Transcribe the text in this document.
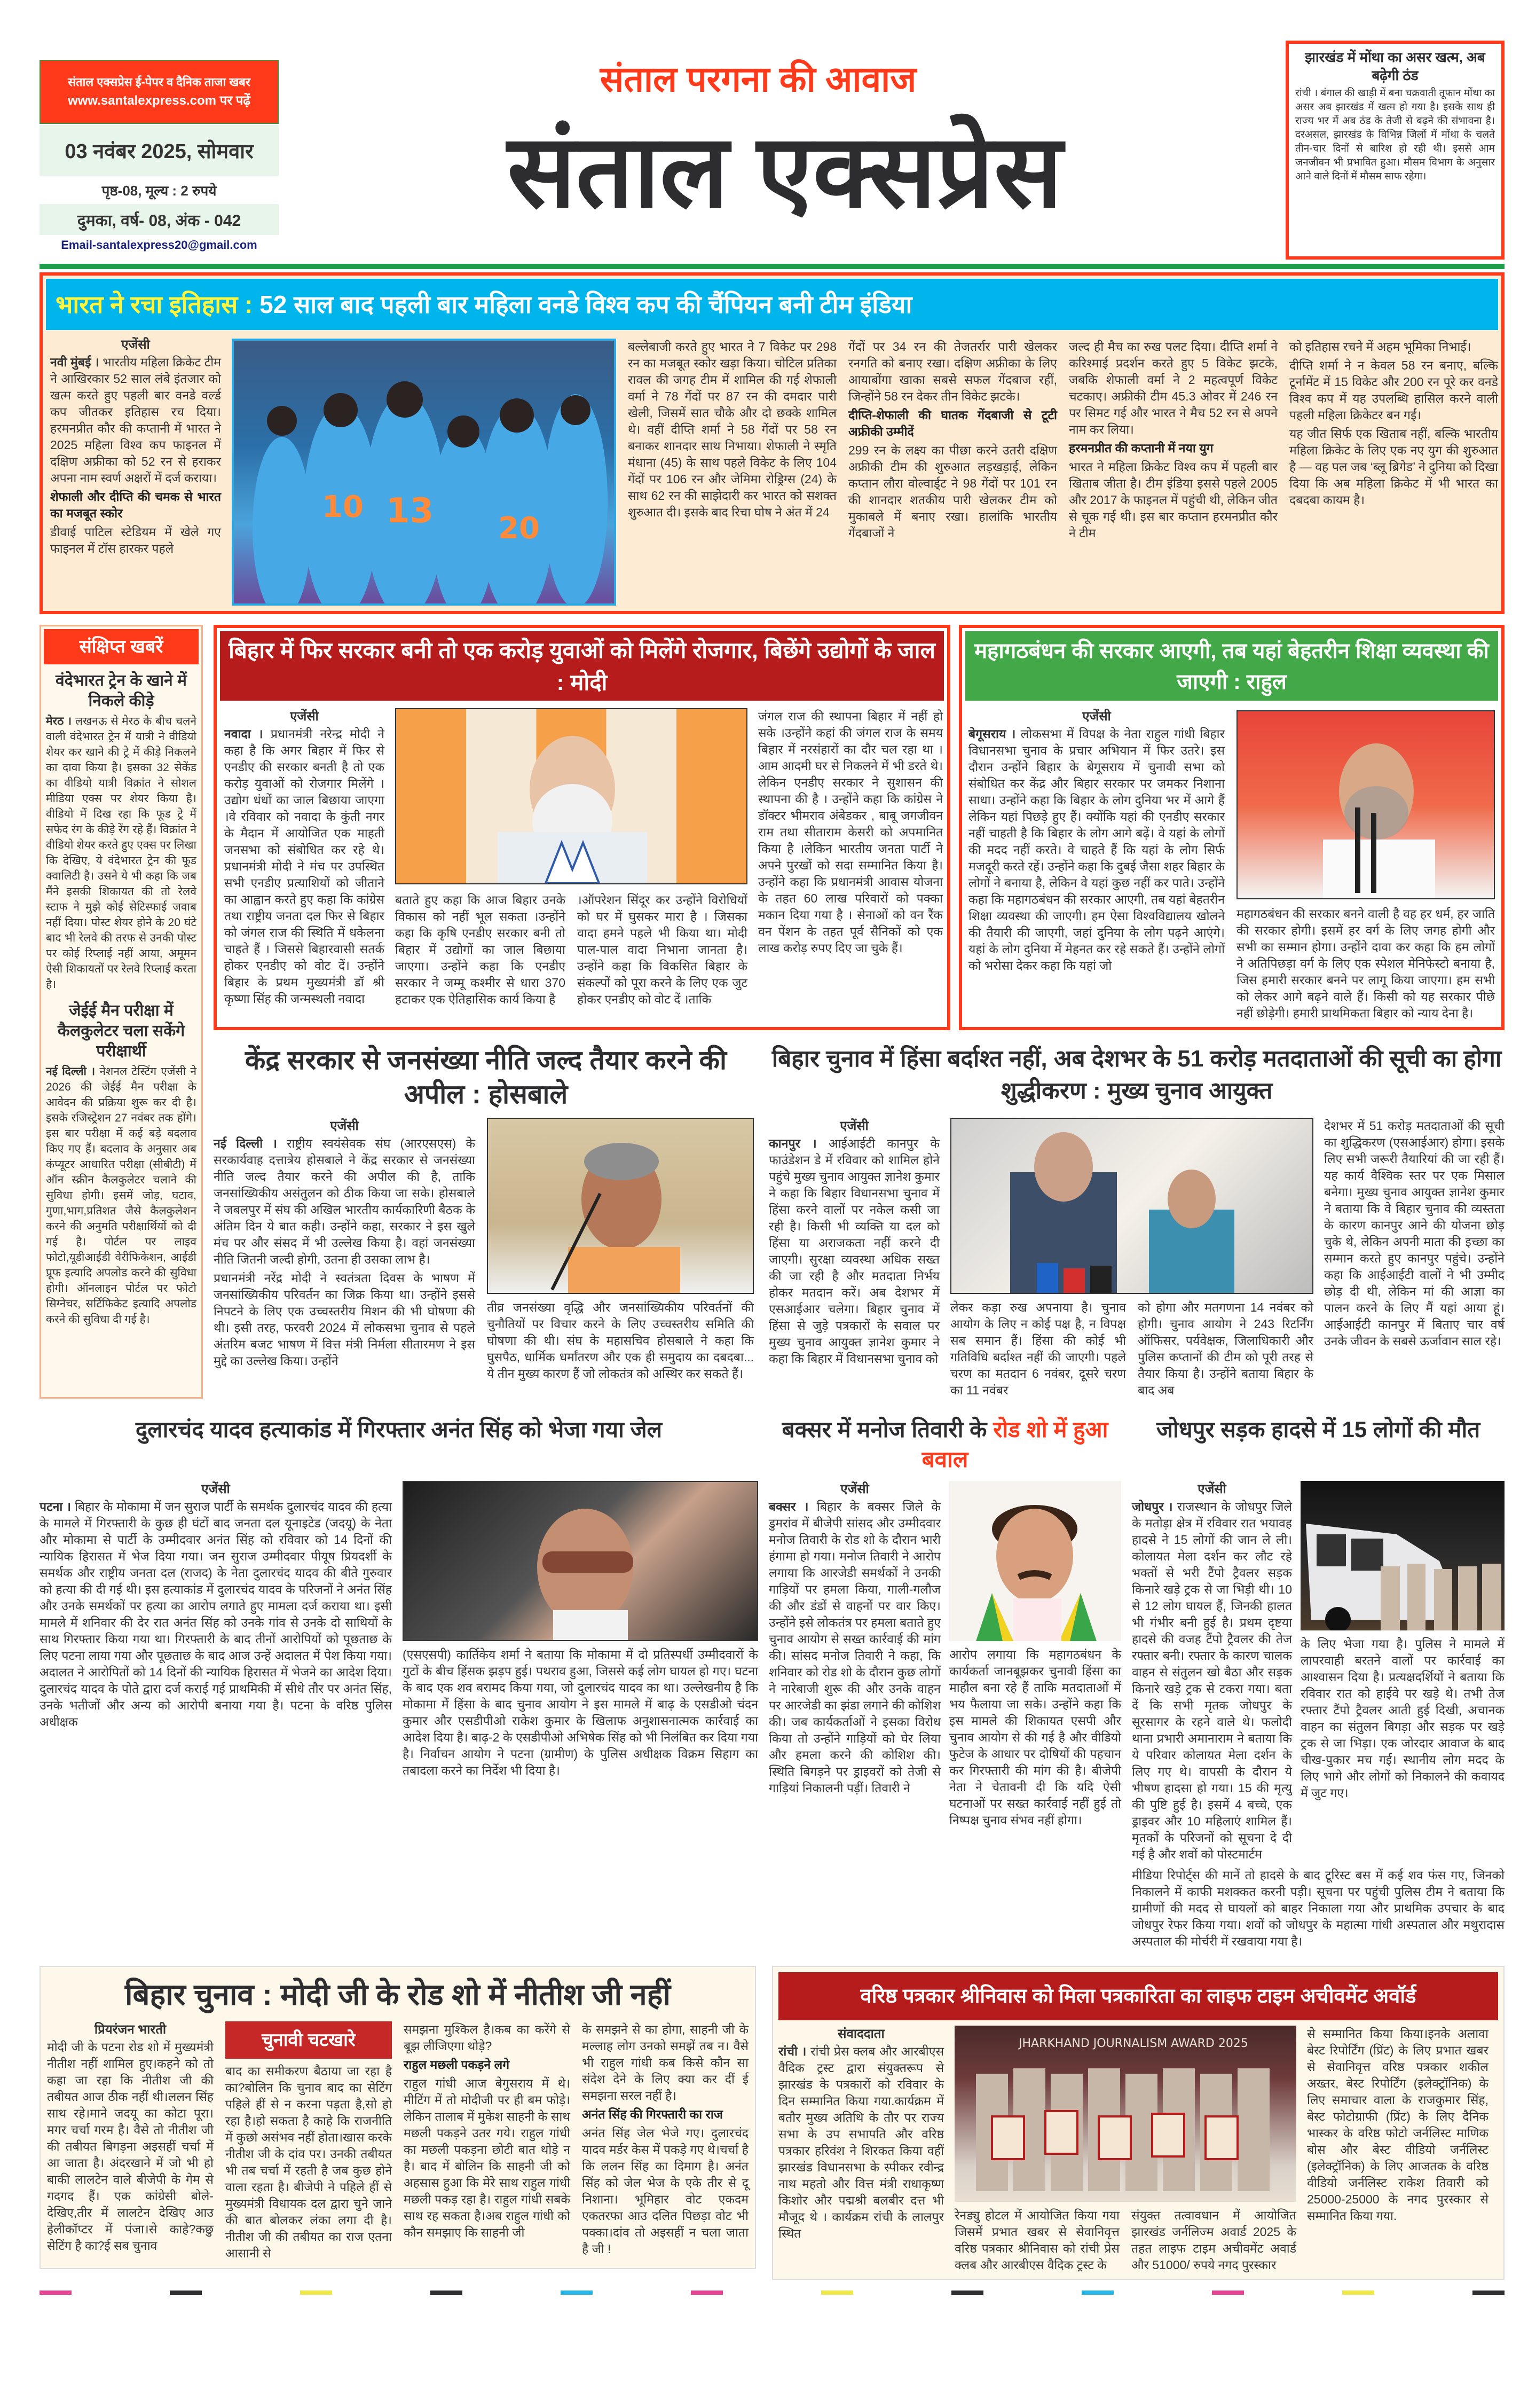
संताल एक्सप्रेस ई-पेपर व दैनिक ताजा खबर
www.santalexpress.com पर पढ़ें
03 नवंबर 2025, सोमवार
पृष्ठ-08, मूल्य : 2 रुपये
दुमका, वर्ष- 08, अंक - 042
Email-santalexpress20@gmail.com
संताल परगना की आवाज
संताल एक्सप्रेस
झारखंड में मोंथा का असर खत्म, अब बढ़ेगी ठंड
रांची । बंगाल की खाड़ी में बना चक्रवाती तूफान मोंथा का असर अब झारखंड में खत्म हो गया है। इसके साथ ही राज्य भर में अब ठंड के तेजी से बढ़ने की संभावना है। दरअसल, झारखंड के विभिन्न जिलों में मोंथा के चलते तीन-चार दिनों से बारिश हो रही थी। इससे आम जनजीवन भी प्रभावित हुआ। मौसम विभाग के अनुसार आने वाले दिनों में मौसम साफ रहेगा।
भारत ने रचा इतिहास : 52 साल बाद पहली बार महिला वनडे विश्व कप की चैंपियन बनी टीम इंडिया
एजेंसी

नवी मुंबई । भारतीय महिला क्रिकेट टीम ने आखिरकार 52 साल लंबे इंतजार को खत्म करते हुए पहली बार वनडे वर्ल्ड कप जीतकर इतिहास रच दिया। हरमनप्रीत कौर की कप्तानी में भारत ने 2025 महिला विश्व कप फाइनल में दक्षिण अफ्रीका को 52 रन से हराकर अपना नाम स्वर्ण अक्षरों में दर्ज कराया।

शेफाली और दीप्ति की चमक से भारत का मजबूत स्कोर

डीवाई पाटिल स्टेडियम में खेले गए फाइनल में टॉस हारकर पहले

10 13 20
बल्लेबाजी करते हुए भारत ने 7 विकेट पर 298 रन का मजबूत स्कोर खड़ा किया। चोटिल प्रतिका रावल की जगह टीम में शामिल की गई शेफाली वर्मा ने 78 गेंदों पर 87 रन की दमदार पारी खेली, जिसमें सात चौके और दो छक्के शामिल थे। वहीं दीप्ति शर्मा ने 58 गेंदों पर 58 रन बनाकर शानदार साथ निभाया। शेफाली ने स्मृति मंधाना (45) के साथ पहले विकेट के लिए 104 गेंदों पर 106 रन और जेमिमा रोड्रिग्स (24) के साथ 62 रन की साझेदारी कर भारत को सशक्त शुरुआत दी। इसके बाद रिचा घोष ने अंत में 24

गेंदों पर 34 रन की तेजतर्रार पारी खेलकर रनगति को बनाए रखा। दक्षिण अफ्रीका के लिए आयाबोंगा खाका सबसे सफल गेंदबाज रहीं, जिन्होंने 58 रन देकर तीन विकेट झटके।

दीप्ति-शेफाली की घातक गेंदबाजी से टूटी अफ्रीकी उम्मीदें

299 रन के लक्ष्य का पीछा करने उतरी दक्षिण अफ्रीकी टीम की शुरुआत लड़खड़ाई, लेकिन कप्तान लौरा वोल्वार्ड्ट ने 98 गेंदों पर 101 रन की शानदार शतकीय पारी खेलकर टीम को मुकाबले में बनाए रखा। हालांकि भारतीय गेंदबाजों ने

जल्द ही मैच का रुख पलट दिया। दीप्ति शर्मा ने करिश्माई प्रदर्शन करते हुए 5 विकेट झटके, जबकि शेफाली वर्मा ने 2 महत्वपूर्ण विकेट चटकाए। अफ्रीकी टीम 45.3 ओवर में 246 रन पर सिमट गई और भारत ने मैच 52 रन से अपने नाम कर लिया।

हरमनप्रीत की कप्तानी में नया युग

भारत ने महिला क्रिकेट विश्व कप में पहली बार खिताब जीता है। टीम इंडिया इससे पहले 2005 और 2017 के फाइनल में पहुंची थी, लेकिन जीत से चूक गई थी। इस बार कप्तान हरमनप्रीत कौर ने टीम

को इतिहास रचने में अहम भूमिका निभाई।

दीप्ति शर्मा ने न केवल 58 रन बनाए, बल्कि टूर्नामेंट में 15 विकेट और 200 रन पूरे कर वनडे विश्व कप में यह उपलब्धि हासिल करने वाली पहली महिला क्रिकेटर बन गईं।

यह जीत सिर्फ एक खिताब नहीं, बल्कि भारतीय महिला क्रिकेट के लिए एक नए युग की शुरुआत है — वह पल जब ‘ब्लू ब्रिगेड’ ने दुनिया को दिखा दिया कि अब महिला क्रिकेट में भी भारत का दबदबा कायम है।

संक्षिप्त खबरें
वंदेभारत ट्रेन के खाने में निकले कीड़े
मेरठ । लखनऊ से मेरठ के बीच चलने वाली वंदेभारत ट्रेन में यात्री ने वीडियो शेयर कर खाने की ट्रे में कीड़े निकलने का दावा किया है। इसका 32 सेकेंड का वीडियो यात्री विक्रांत ने सोशल मीडिया एक्स पर शेयर किया है। वीडियो में दिख रहा कि फूड ट्रे में सफेद रंग के कीड़े रेंग रहे हैं। विक्रांत ने वीडियो शेयर करते हुए एक्स पर लिखा कि देखिए, ये वंदेभारत ट्रेन की फूड क्वालिटी है। उसने ये भी कहा कि जब मैंने इसकी शिकायत की तो रेलवे स्टाफ ने मुझे कोई सेटिस्फाई जवाब नहीं दिया। पोस्ट शेयर होने के 20 घंटे बाद भी रेलवे की तरफ से उनकी पोस्ट पर कोई रिप्लाई नहीं आया, अमूमन ऐसी शिकायतों पर रेलवे रिप्लाई करता है।
जेईई मैन परीक्षा में कैलकुलेटर चला सकेंगे परीक्षार्थी
नई दिल्ली । नेशनल टेस्टिंग एजेंसी ने 2026 की जेईई मैन परीक्षा के आवेदन की प्रक्रिया शुरू कर दी है। इसके रजिस्ट्रेशन 27 नवंबर तक होंगे। इस बार परीक्षा में कई बड़े बदलाव किए गए हैं। बदलाव के अनुसार अब कंप्यूटर आधारित परीक्षा (सीबीटी) में ऑन स्क्रीन कैलकुलेटर चलाने की सुविधा होगी। इसमें जोड़, घटाव, गुणा,भाग,प्रतिशत जैसे कैलकुलेशन करने की अनुमति परीक्षार्थियों को दी गई है। पोर्टल पर लाइव फोटो,यूडीआईडी वेरीफिकेशन, आईडी प्रूफ इत्यादि अपलोड करने की सुविधा होगी। ऑनलाइन पोर्टल पर फोटो सिग्नेचर, सर्टिफिकेट इत्यादि अपलोड करने की सुविधा दी गई है।
बिहार में फिर सरकार बनी तो एक करोड़ युवाओं को मिलेंगे रोजगार, बिछेंगे उद्योगों के जाल : मोदी
एजेंसी
नवादा । प्रधानमंत्री नरेन्द्र मोदी ने कहा है कि अगर बिहार में फिर से एनडीए की सरकार बनती है तो एक करोड़ युवाओं को रोजगार मिलेंगे ।उद्योग धंधों का जाल बिछाया जाएगा ।वे रविवार को नवादा के कुंती नगर के मैदान में आयोजित एक माहती जनसभा को संबोधित कर रहे थे। प्रधानमंत्री मोदी ने मंच पर उपस्थित सभी एनडीए प्रत्याशियों को जीताने का आह्वान करते हुए कहा कि कांग्रेस तथा राष्ट्रीय जनता दल फिर से बिहार को जंगल राज की स्थिति में धकेलना चाहते हैं । जिससे बिहारवासी सतर्क होकर एनडीए को वोट दें। उन्होंने बिहार के प्रथम मुख्यमंत्री डॉ श्री कृष्णा सिंह की जन्मस्थली नवादा
बताते हुए कहा कि आज बिहार उनके विकास को नहीं भूल सकता ।उन्होंने कहा कि कृषि एनडीए सरकार बनी तो बिहार में उद्योगों का जाल बिछाया जाएगा। उन्होंने कहा कि एनडीए सरकार ने जम्मू कश्मीर से धारा 370 हटाकर एक ऐतिहासिक कार्य किया है
।ऑपरेशन सिंदूर कर उन्होंने विरोधियों को घर में घुसकर मारा है । जिसका वादा हमने पहले भी किया था। मोदी पाल-पाल वादा निभाना जानता है। उन्होंने कहा कि विकसित बिहार के संकल्पों को पूरा करने के लिए एक जुट होकर एनडीए को वोट दें ।ताकि
जंगल राज की स्थापना बिहार में नहीं हो सके ।उन्होंने कहां की जंगल राज के समय बिहार में नरसंहारों का दौर चल रहा था ।आम आदमी घर से निकलने में भी डरते थे। लेकिन एनडीए सरकार ने सुशासन की स्थापना की है । उन्होंने कहा कि कांग्रेस ने डॉक्टर भीमराव अंबेडकर , बाबू जगजीवन राम तथा सीताराम केसरी को अपमानित किया है ।लेकिन भारतीय जनता पार्टी ने अपने पुरखों को सदा सम्मानित किया है।उन्होंने कहा कि प्रधानमंत्री आवास योजना के तहत 60 लाख परिवारों को पक्का मकान दिया गया है । सेनाओं को वन रैंक वन पेंशन के तहत पूर्व सैनिकों को एक लाख करोड़ रुपए दिए जा चुके हैं।
महागठबंधन की सरकार आएगी, तब यहां बेहतरीन शिक्षा व्यवस्था की जाएगी : राहुल
एजेंसी
बेगूसराय । लोकसभा में विपक्ष के नेता राहुल गांधी बिहार विधानसभा चुनाव के प्रचार अभियान में फिर उतरे। इस दौरान उन्होंने बिहार के बेगूसराय में चुनावी सभा को संबोधित कर केंद्र और बिहार सरकार पर जमकर निशाना साधा। उन्होंने कहा कि बिहार के लोग दुनिया भर में आगे हैं लेकिन यहां पिछड़े हुए हैं। क्योंकि यहां की एनडीए सरकार नहीं चाहती है कि बिहार के लोग आगे बढ़ें। वे यहां के लोगों की मदद नहीं करते। वे चाहते हैं कि यहां के लोग सिर्फ मजदूरी करते रहें। उन्होंने कहा कि दुबई जैसा शहर बिहार के लोगों ने बनाया है, लेकिन वे यहां कुछ नहीं कर पाते। उन्होंने कहा कि महागठबंधन की सरकार आएगी, तब यहां बेहतरीन शिक्षा व्यवस्था की जाएगी। हम ऐसा विश्वविद्यालय खोलने की तैयारी की जाएगी, जहां दुनिया के लोग पढ़ने आएंगे। यहां के लोग दुनिया में मेहनत कर रहे सकते हैं। उन्होंने लोगों को भरोसा देकर कहा कि यहां जो
महागठबंधन की सरकार बनने वाली है वह हर धर्म, हर जाति की सरकार होगी। इसमें हर वर्ग के लिए जगह होगी और सभी का सम्मान होगा। उन्होंने दावा कर कहा कि हम लोगों ने अतिपिछड़ा वर्ग के लिए एक स्पेशल मेनिफेस्टो बनाया है, जिस हमारी सरकार बनने पर लागू किया जाएगा। हम सभी को लेकर आगे बढ़ने वाले हैं। किसी को यह सरकार पीछे नहीं छोड़ेगी। हमारी प्राथमिकता बिहार को न्याय देना है।
केंद्र सरकार से जनसंख्या नीति जल्द तैयार करने की अपील : होसबाले
एजेंसी

नई दिल्ली । राष्ट्रीय स्वयंसेवक संघ (आरएसएस) के सरकार्यवाह दत्तात्रेय होसबाले ने केंद्र सरकार से जनसंख्या नीति जल्द तैयार करने की अपील की है, ताकि जनसांख्यिकीय असंतुलन को ठीक किया जा सके। होसबाले ने जबलपुर में संघ की अखिल भारतीय कार्यकारिणी बैठक के अंतिम दिन ये बात कही। उन्होंने कहा, सरकार ने इस खुले मंच पर और संसद में भी उल्लेख किया है। वहां जनसंख्या नीति जितनी जल्दी होगी, उतना ही उसका लाभ है।

प्रधानमंत्री नरेंद्र मोदी ने स्वतंत्रता दिवस के भाषण में जनसांख्यिकीय परिवर्तन का जिक्र किया था। उन्होंने इससे निपटने के लिए एक उच्चस्तरीय मिशन की भी घोषणा की थी। इसी तरह, फरवरी 2024 में लोकसभा चुनाव से पहले अंतरिम बजट भाषण में वित्त मंत्री निर्मला सीतारमण ने इस मुद्दे का उल्लेख किया। उन्होंने

तीव्र जनसंख्या वृद्धि और जनसांख्यिकीय परिवर्तनों की चुनौतियों पर विचार करने के लिए उच्चस्तरीय समिति की घोषणा की थी। संघ के महासचिव होसबाले ने कहा कि घुसपैठ, धार्मिक धर्मांतरण और एक ही समुदाय का दबदबा... ये तीन मुख्य कारण हैं जो लोकतंत्र को अस्थिर कर सकते हैं।
बिहार चुनाव में हिंसा बर्दाश्त नहीं, अब देशभर के 51 करोड़ मतदाताओं की सूची का होगा शुद्धीकरण : मुख्य चुनाव आयुक्त
एजेंसी
कानपुर । आईआईटी कानपुर के फाउंडेशन डे में रविवार को शामिल होने पहुंचे मुख्य चुनाव आयुक्त ज्ञानेश कुमार ने कहा कि बिहार विधानसभा चुनाव में हिंसा करने वालों पर नकेल कसी जा रही है। किसी भी व्यक्ति या दल को हिंसा या अराजकता नहीं करने दी जाएगी। सुरक्षा व्यवस्था अधिक सख्त की जा रही है और मतदाता निर्भय होकर मतदान करें। अब देशभर में एसआईआर चलेगा। बिहार चुनाव में हिंसा से जुड़े पत्रकारों के सवाल पर मुख्य चुनाव आयुक्त ज्ञानेश कुमार ने कहा कि बिहार में विधानसभा चुनाव को
लेकर कड़ा रुख अपनाया है। चुनाव आयोग के लिए न कोई पक्ष है, न विपक्ष सब समान हैं। हिंसा की कोई भी गतिविधि बर्दाश्त नहीं की जाएगी। पहले चरण का मतदान 6 नवंबर, दूसरे चरण का 11 नवंबर
को होगा और मतगणना 14 नवंबर को होगी। चुनाव आयोग ने 243 रिटर्निंग ऑफिसर, पर्यवेक्षक, जिलाधिकारी और पुलिस कप्तानों की टीम को पूरी तरह से तैयार किया है। उन्होंने बताया बिहार के बाद अब
देशभर में 51 करोड़ मतदाताओं की सूची का शुद्धिकरण (एसआईआर) होगा। इसके लिए सभी जरूरी तैयारियां की जा रही हैं। यह कार्य वैश्विक स्तर पर एक मिसाल बनेगा। मुख्य चुनाव आयुक्त ज्ञानेश कुमार ने बताया कि वे बिहार चुनाव की व्यस्तता के कारण कानपुर आने की योजना छोड़ चुके थे, लेकिन अपनी माता की इच्छा का सम्मान करते हुए कानपुर पहुंचे। उन्होंने कहा कि आईआईटी वालों ने भी उम्मीद छोड़ दी थी, लेकिन मां की आज्ञा का पालन करने के लिए मैं यहां आया हूं। आईआईटी कानपुर में बिताए चार वर्ष उनके जीवन के सबसे ऊर्जावान साल रहे।
दुलारचंद यादव हत्याकांड में गिरफ्तार अनंत सिंह को भेजा गया जेल	बक्सर में मनोज तिवारी के रोड शो में हुआ बवाल
जोधपुर सड़क हादसे में 15 लोगों की मौत
एजेंसी
पटना । बिहार के मोकामा में जन सुराज पार्टी के समर्थक दुलारचंद यादव की हत्या के मामले में गिरफ्तारी के कुछ ही घंटों बाद जनता दल यूनाइटेड (जदयू) के नेता और मोकामा से पार्टी के उम्मीदवार अनंत सिंह को रविवार को 14 दिनों की न्यायिक हिरासत में भेज दिया गया। जन सुराज उम्मीदवार पीयूष प्रियदर्शी के समर्थक और राष्ट्रीय जनता दल (राजद) के नेता दुलारचंद यादव की बीते गुरुवार को हत्या की दी गई थी। इस हत्याकांड में दुलारचंद यादव के परिजनों ने अनंत सिंह और उनके समर्थकों पर हत्या का आरोप लगाते हुए मामला दर्ज कराया था। इसी मामले में शनिवार की देर रात अनंत सिंह को उनके गांव से उनके दो साथियों के साथ गिरफ्तार किया गया था। गिरफ्तारी के बाद तीनों आरोपियों को पूछताछ के लिए पटना लाया गया और पूछताछ के बाद आज उन्हें अदालत में पेश किया गया। अदालत ने आरोपितों को 14 दिनों की न्यायिक हिरासत में भेजने का आदेश दिया। दुलारचंद यादव के पोते द्वारा दर्ज कराई गई प्राथमिकी में सीधे तौर पर अनंत सिंह, उनके भतीजों और अन्य को आरोपी बनाया गया है। पटना के वरिष्ठ पुलिस अधीक्षक
(एसएसपी) कार्तिकेय शर्मा ने बताया कि मोकामा में दो प्रतिस्पर्धी उम्मीदवारों के गुटों के बीच हिंसक झड़प हुई। पथराव हुआ, जिससे कई लोग घायल हो गए। घटना के बाद एक शव बरामद किया गया, जो दुलारचंद यादव का था। उल्लेखनीय है कि मोकामा में हिंसा के बाद चुनाव आयोग ने इस मामले में बाढ़ के एसडीओ चंदन कुमार और एसडीपीओ राकेश कुमार के खिलाफ अनुशासनात्मक कार्रवाई का आदेश दिया है। बाढ़-2 के एसडीपीओ अभिषेक सिंह को भी निलंबित कर दिया गया है। निर्वाचन आयोग ने पटना (ग्रामीण) के पुलिस अधीक्षक विक्रम सिहाग का तबादला करने का निर्देश भी दिया है।
एजेंसी
बक्सर । बिहार के बक्सर जिले के डुमरांव में बीजेपी सांसद और उम्मीदवार मनोज तिवारी के रोड शो के दौरान भारी हंगामा हो गया। मनोज तिवारी ने आरोप लगाया कि आरजेडी समर्थकों ने उनकी गाड़ियों पर हमला किया, गाली-गलौज की और डंडों से वाहनों पर वार किए। उन्होंने इसे लोकतंत्र पर हमला बताते हुए चुनाव आयोग से सख्त कार्रवाई की मांग की। सांसद मनोज तिवारी ने कहा, कि शनिवार को रोड शो के दौरान कुछ लोगों ने नारेबाजी शुरू की और उनके वाहन पर आरजेडी का झंडा लगाने की कोशिश की। जब कार्यकर्ताओं ने इसका विरोध किया तो उन्होंने गाड़ियों को घेर लिया और हमला करने की कोशिश की। स्थिति बिगड़ने पर ड्राइवरों को तेजी से गाड़ियां निकालनी पड़ीं। तिवारी ने
आरोप लगाया कि महागठबंधन के कार्यकर्ता जानबूझकर चुनावी हिंसा का माहौल बना रहे हैं ताकि मतदाताओं में भय फैलाया जा सके। उन्होंने कहा कि इस मामले की शिकायत एसपी और चुनाव आयोग से की गई है और वीडियो फुटेज के आधार पर दोषियों की पहचान कर गिरफ्तारी की मांग की है। बीजेपी नेता ने चेतावनी दी कि यदि ऐसी घटनाओं पर सख्त कार्रवाई नहीं हुई तो निष्पक्ष चुनाव संभव नहीं होगा।
एजेंसी
जोधपुर । राजस्थान के जोधपुर जिले के मतोड़ा क्षेत्र में रविवार रात भयावह हादसे ने 15 लोगों की जान ले ली। कोलायत मेला दर्शन कर लौट रहे भक्तों से भरी टैंपो ट्रैवलर सड़क किनारे खड़े ट्रक से जा भिड़ी थी। 10 से 12 लोग घायल हैं, जिनकी हालत भी गंभीर बनी हुई है। प्रथम दृष्टया हादसे की वजह टैंपो ट्रैवलर की तेज रफ्तार बनी। रफ्तार के कारण चालक वाहन से संतुलन खो बैठा और सड़क किनारे खड़े ट्रक से टकरा गया। बता दें कि सभी मृतक जोधपुर के सूरसागर के रहने वाले थे। फलोदी थाना प्रभारी अमानाराम ने बताया कि ये परिवार कोलायत मेला दर्शन के लिए गए थे। वापसी के दौरान ये भीषण हादसा हो गया। 15 की मृत्यु की पुष्टि हुई है। इसमें 4 बच्चे, एक ड्राइवर और 10 महिलाएं शामिल हैं। मृतकों के परिजनों को सूचना दे दी गई है और शवों को पोस्टमार्टम
के लिए भेजा गया है। पुलिस ने मामले में लापरवाही बरतने वालों पर कार्रवाई का आश्वासन दिया है। प्रत्यक्षदर्शियों ने बताया कि रविवार रात को हाईवे पर खड़े थे। तभी तेज रफ्तार टैंपो ट्रैवलर आती हुई दिखी, अचानक वाहन का संतुलन बिगड़ा और सड़क पर खड़े ट्रक से जा भिड़ा। एक जोरदार आवाज के बाद चीख-पुकार मच गई। स्थानीय लोग मदद के लिए भागे और लोगों को निकालने की कवायद में जुट गए।
मीडिया रिपोर्ट्स की मानें तो हादसे के बाद टूरिस्ट बस में कई शव फंस गए, जिनको निकालने में काफी मशक्कत करनी पड़ी। सूचना पर पहुंची पुलिस टीम ने बताया कि ग्रामीणों की मदद से घायलों को बाहर निकाला गया और प्राथमिक उपचार के बाद जोधपुर रेफर किया गया। शवों को जोधपुर के महात्मा गांधी अस्पताल और मथुरादास अस्पताल की मोर्चरी में रखवाया गया है।
बिहार चुनाव : मोदी जी के रोड शो में नीतीश जी नहीं
प्रियरंजन भारती
मोदी जी के पटना रोड शो में मुख्यमंत्री नीतीश नहीं शामिल हुए।कहने को तो कहा जा रहा कि नीतीश जी की तबीयत आज ठीक नहीं थी।ललन सिंह साथ रहे।माने जदयू का कोटा पूरा। मगर चर्चा गरम है। वैसे तो नीतीश जी की तबीयत बिगड़ना अइसहीं चर्चा में आ जाता है। अंदरखाने में जो भी हो बाकी लालटेन वाले बीजेपी के गेम से गदगद हैं। एक कांग्रेसी बोले-देखिए,तीर में लालटेन देखिए आउ हेलीकॉप्टर में पंजा।से काहे?कछु सेटिंग है का?ई सब चुनाव
चुनावी चटखारे
बाद का समीकरण बैठाया जा रहा है का?बोलिन कि चुनाव बाद का सेटिंग पहिले हीं से न करना पड़ता है,सो हो रहा है।हो सकता है काहे कि राजनीति में कुछो असंभव नहीं होता।खास करके नीतीश जी के दांव पर। उनकी तबीयत भी तब चर्चा में रहती है जब कुछ होने वाला रहता है। बीजेपी ने पहिले हीं से मुख्यमंत्री विधायक दल द्वारा चुने जाने की बात बोलकर लंका लगा दी है। नीतीश जी की तबीयत का राज एतना आसानी से

समझना मुश्किल है।कब का करेंगे से बूझ लीजिएगा थोड़े?

राहुल मछली पकड़ने लगे

राहुल गांधी आज बेगुसराय में थे। मीटिंग में तो मोदीजी पर ही बम फोड़े। लेकिन तालाब में मुकेश साहनी के साथ मछली पकड़ने उतर गये। राहुल गांधी का मछली पकड़ना छोटी बात थोड़े न है। बाद में बोलिन कि साहनी जी को अहसास हुआ कि मेरे साथ राहुल गांधी मछली पकड़ रहा है। राहुल गांधी सबके साथ रह सकता है।अब राहुल गांधी को कौन समझाए कि साहनी जी

के समझने से का होगा, साहनी जी के मल्लाह लोग उनको समझें तब न। वैसे भी राहुल गांधी कब किसे कौन सा संदेश देने के लिए क्या कर दीं ई समझना सरल नहीं है।

अनंत सिंह की गिरफ्तारी का राज

अनंत सिंह जेल भेजे गए। दुलारचंद यादव मर्डर केस में पकड़े गए थे।चर्चा है कि ललन सिंह का दिमाग है। अनंत सिंह को जेल भेज के एके तीर से दू निशाना। भूमिहार वोट एकदम एकतरफा आउ दलित पिछड़ा वोट भी पक्का।दांव तो अइसहीं न चला जाता है जी !

वरिष्ठ पत्रकार श्रीनिवास को मिला पत्रकारिता का लाइफ टाइम अचीवमेंट अवॉर्ड
संवाददाता
रांची । रांची प्रेस क्लब और आरबीएस वैदिक ट्रस्ट द्वारा संयुक्तरूप से झारखंड के पत्रकारों को रविवार के दिन सम्मानित किया गया.कार्यक्रम में बतौर मुख्य अतिथि के तौर पर राज्य सभा के उप सभापति और वरिष्ठ पत्रकार हरिवंश ने शिरकत किया वहीं झारखंड विधानसभा के स्पीकर रवीन्द्र नाथ महतो और वित्त मंत्री राधाकृष्ण किशोर और पद्मश्री बलबीर दत्त भी मौजूद थे । कार्यक्रम रांची के लालपुर स्थित
JHARKHAND JOURNALISM AWARD 2025
रेनड्यु होटल में आयोजित किया गया जिसमें प्रभात खबर से सेवानिवृत्त वरिष्ठ पत्रकार श्रीनिवास को रांची प्रेस क्लब और आरबीएस वैदिक ट्रस्ट के
संयुक्त तत्वावधान में आयोजित झारखंड जर्नलिज्म अवार्ड 2025 के तहत लाइफ टाइम अचीवमेंट अवार्ड और 51000/ रुपये नगद पुरस्कार
से सम्मानित किया किया।इनके अलावा बेस्ट रिपोर्टिंग (प्रिंट) के लिए प्रभात खबर से सेवानिवृत्त वरिष्ठ पत्रकार शकील अख्तर, बेस्ट रिपोर्टिंग (इलेक्ट्रॉनिक) के लिए समाचार वाला के राजकुमार सिंह, बेस्ट फोटोग्राफी (प्रिंट) के लिए दैनिक भास्कर के वरिष्ठ फोटो जर्नलिस्ट माणिक बोस और बेस्ट वीडियो जर्नलिस्ट (इलेक्ट्रॉनिक) के लिए आजतक के वरिष्ठ वीडियो जर्नलिस्ट राकेश तिवारी को 25000-25000 के नगद पुरस्कार से सम्मानित किया गया.
